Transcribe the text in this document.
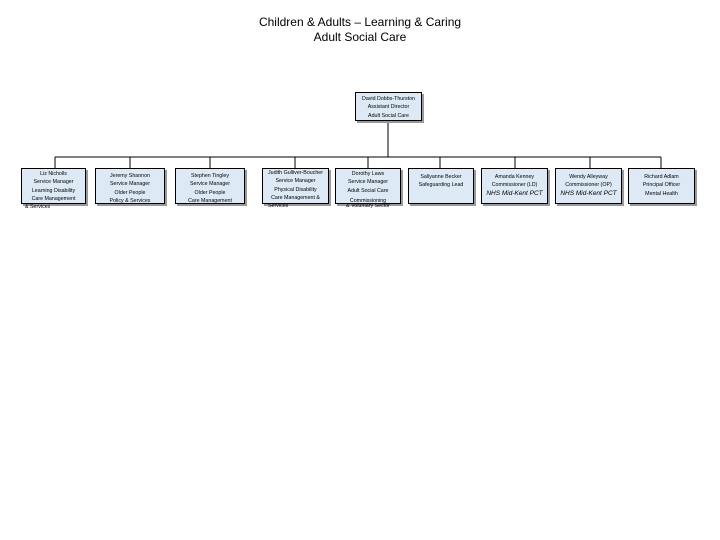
Children & Adults – Learning & Caring
Adult Social Care
David Dobbs-Thurston
Assistant Director
Adult Social Care
Liz Nicholls
Service Manager
Learning Disability
Care Management
& Services
Jeremy Shannon
Service Manager
Older People
Policy & Services
Stephen Tingley
Service Manager
Older People
Care Management
Judith Gulliver-Boucher
Service Manager
Physical Disability
Care Management &
Services
Dorothy Laws
Service Manager
Adult Social Care
Commissioning
& Voluntary Sector
Sallyanne Becker
Safeguarding Lead
Amanda Kenney
Commissioner (LD)
NHS Mid-Kent PCT
Wendy Alleyway
Commissioner (OP)
NHS Mid-Kent PCT
Richard Adlam
Principal Officer
Mental Health
